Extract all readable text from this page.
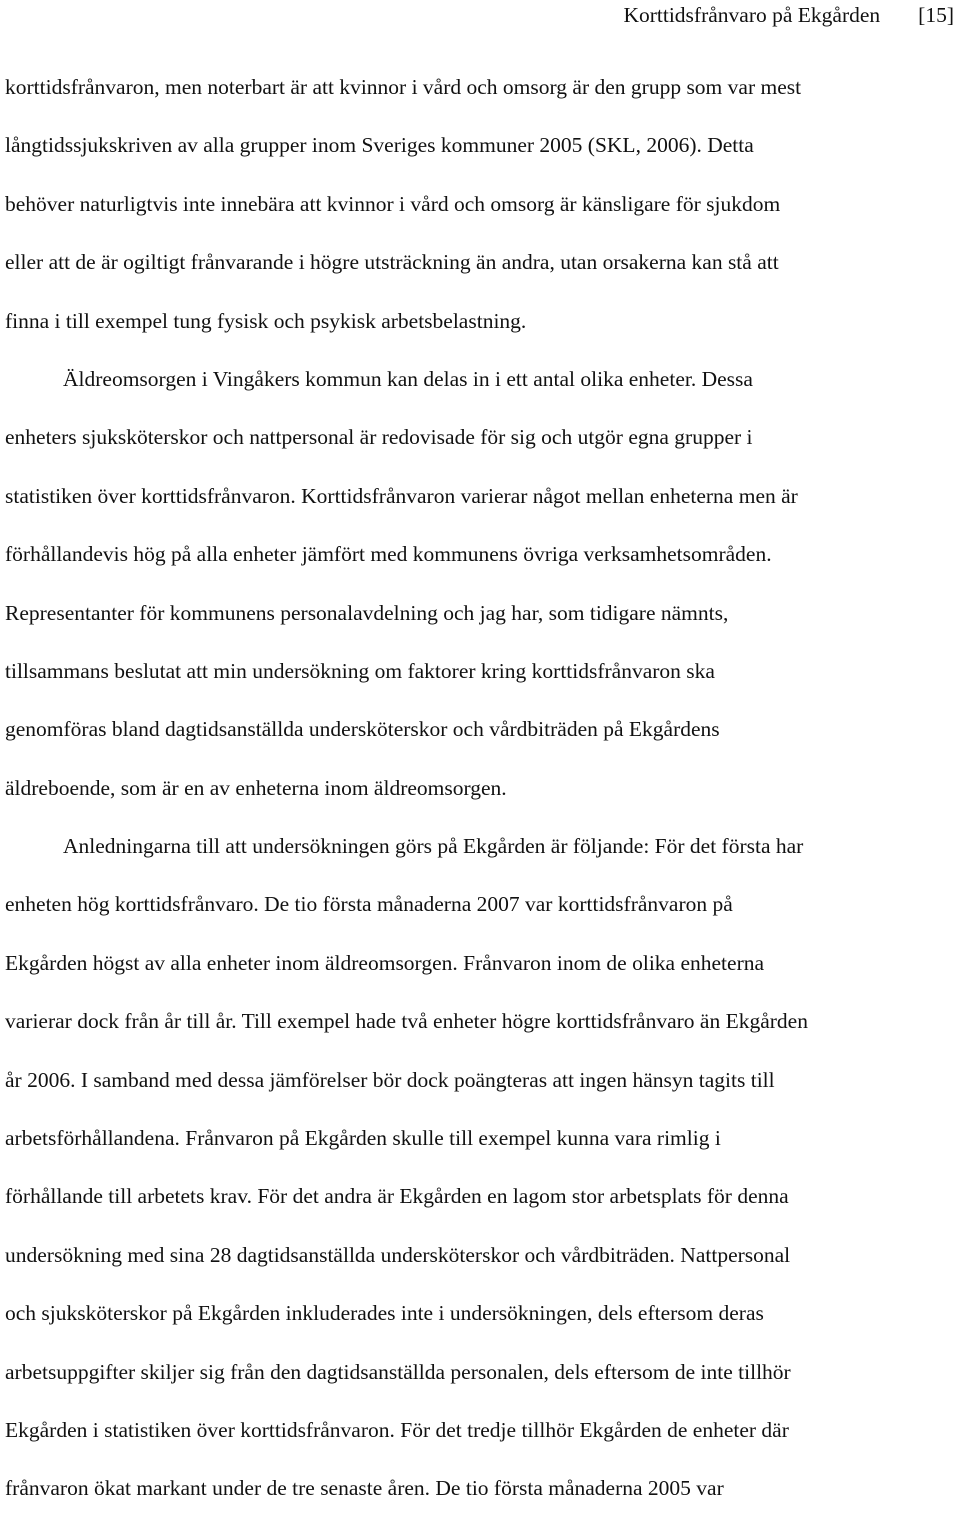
Korttidsfrånvaro på Ekgården [15]
korttidsfrånvaron, men noterbart är att kvinnor i vård och omsorg är den grupp som var mest
långtidssjukskriven av alla grupper inom Sveriges kommuner 2005 (SKL, 2006). Detta
behöver naturligtvis inte innebära att kvinnor i vård och omsorg är känsligare för sjukdom
eller att de är ogiltigt frånvarande i högre utsträckning än andra, utan orsakerna kan stå att
finna i till exempel tung fysisk och psykisk arbetsbelastning.
Äldreomsorgen i Vingåkers kommun kan delas in i ett antal olika enheter. Dessa
enheters sjuksköterskor och nattpersonal är redovisade för sig och utgör egna grupper i
statistiken över korttidsfrånvaron. Korttidsfrånvaron varierar något mellan enheterna men är
förhållandevis hög på alla enheter jämfört med kommunens övriga verksamhetsområden.
Representanter för kommunens personalavdelning och jag har, som tidigare nämnts,
tillsammans beslutat att min undersökning om faktorer kring korttidsfrånvaron ska
genomföras bland dagtidsanställda undersköterskor och vårdbiträden på Ekgårdens
äldreboende, som är en av enheterna inom äldreomsorgen.
Anledningarna till att undersökningen görs på Ekgården är följande: För det första har
enheten hög korttidsfrånvaro. De tio första månaderna 2007 var korttidsfrånvaron på
Ekgården högst av alla enheter inom äldreomsorgen. Frånvaron inom de olika enheterna
varierar dock från år till år. Till exempel hade två enheter högre korttidsfrånvaro än Ekgården
år 2006. I samband med dessa jämförelser bör dock poängteras att ingen hänsyn tagits till
arbetsförhållandena. Frånvaron på Ekgården skulle till exempel kunna vara rimlig i
förhållande till arbetets krav. För det andra är Ekgården en lagom stor arbetsplats för denna
undersökning med sina 28 dagtidsanställda undersköterskor och vårdbiträden. Nattpersonal
och sjuksköterskor på Ekgården inkluderades inte i undersökningen, dels eftersom deras
arbetsuppgifter skiljer sig från den dagtidsanställda personalen, dels eftersom de inte tillhör
Ekgården i statistiken över korttidsfrånvaron. För det tredje tillhör Ekgården de enheter där
frånvaron ökat markant under de tre senaste åren. De tio första månaderna 2005 var
